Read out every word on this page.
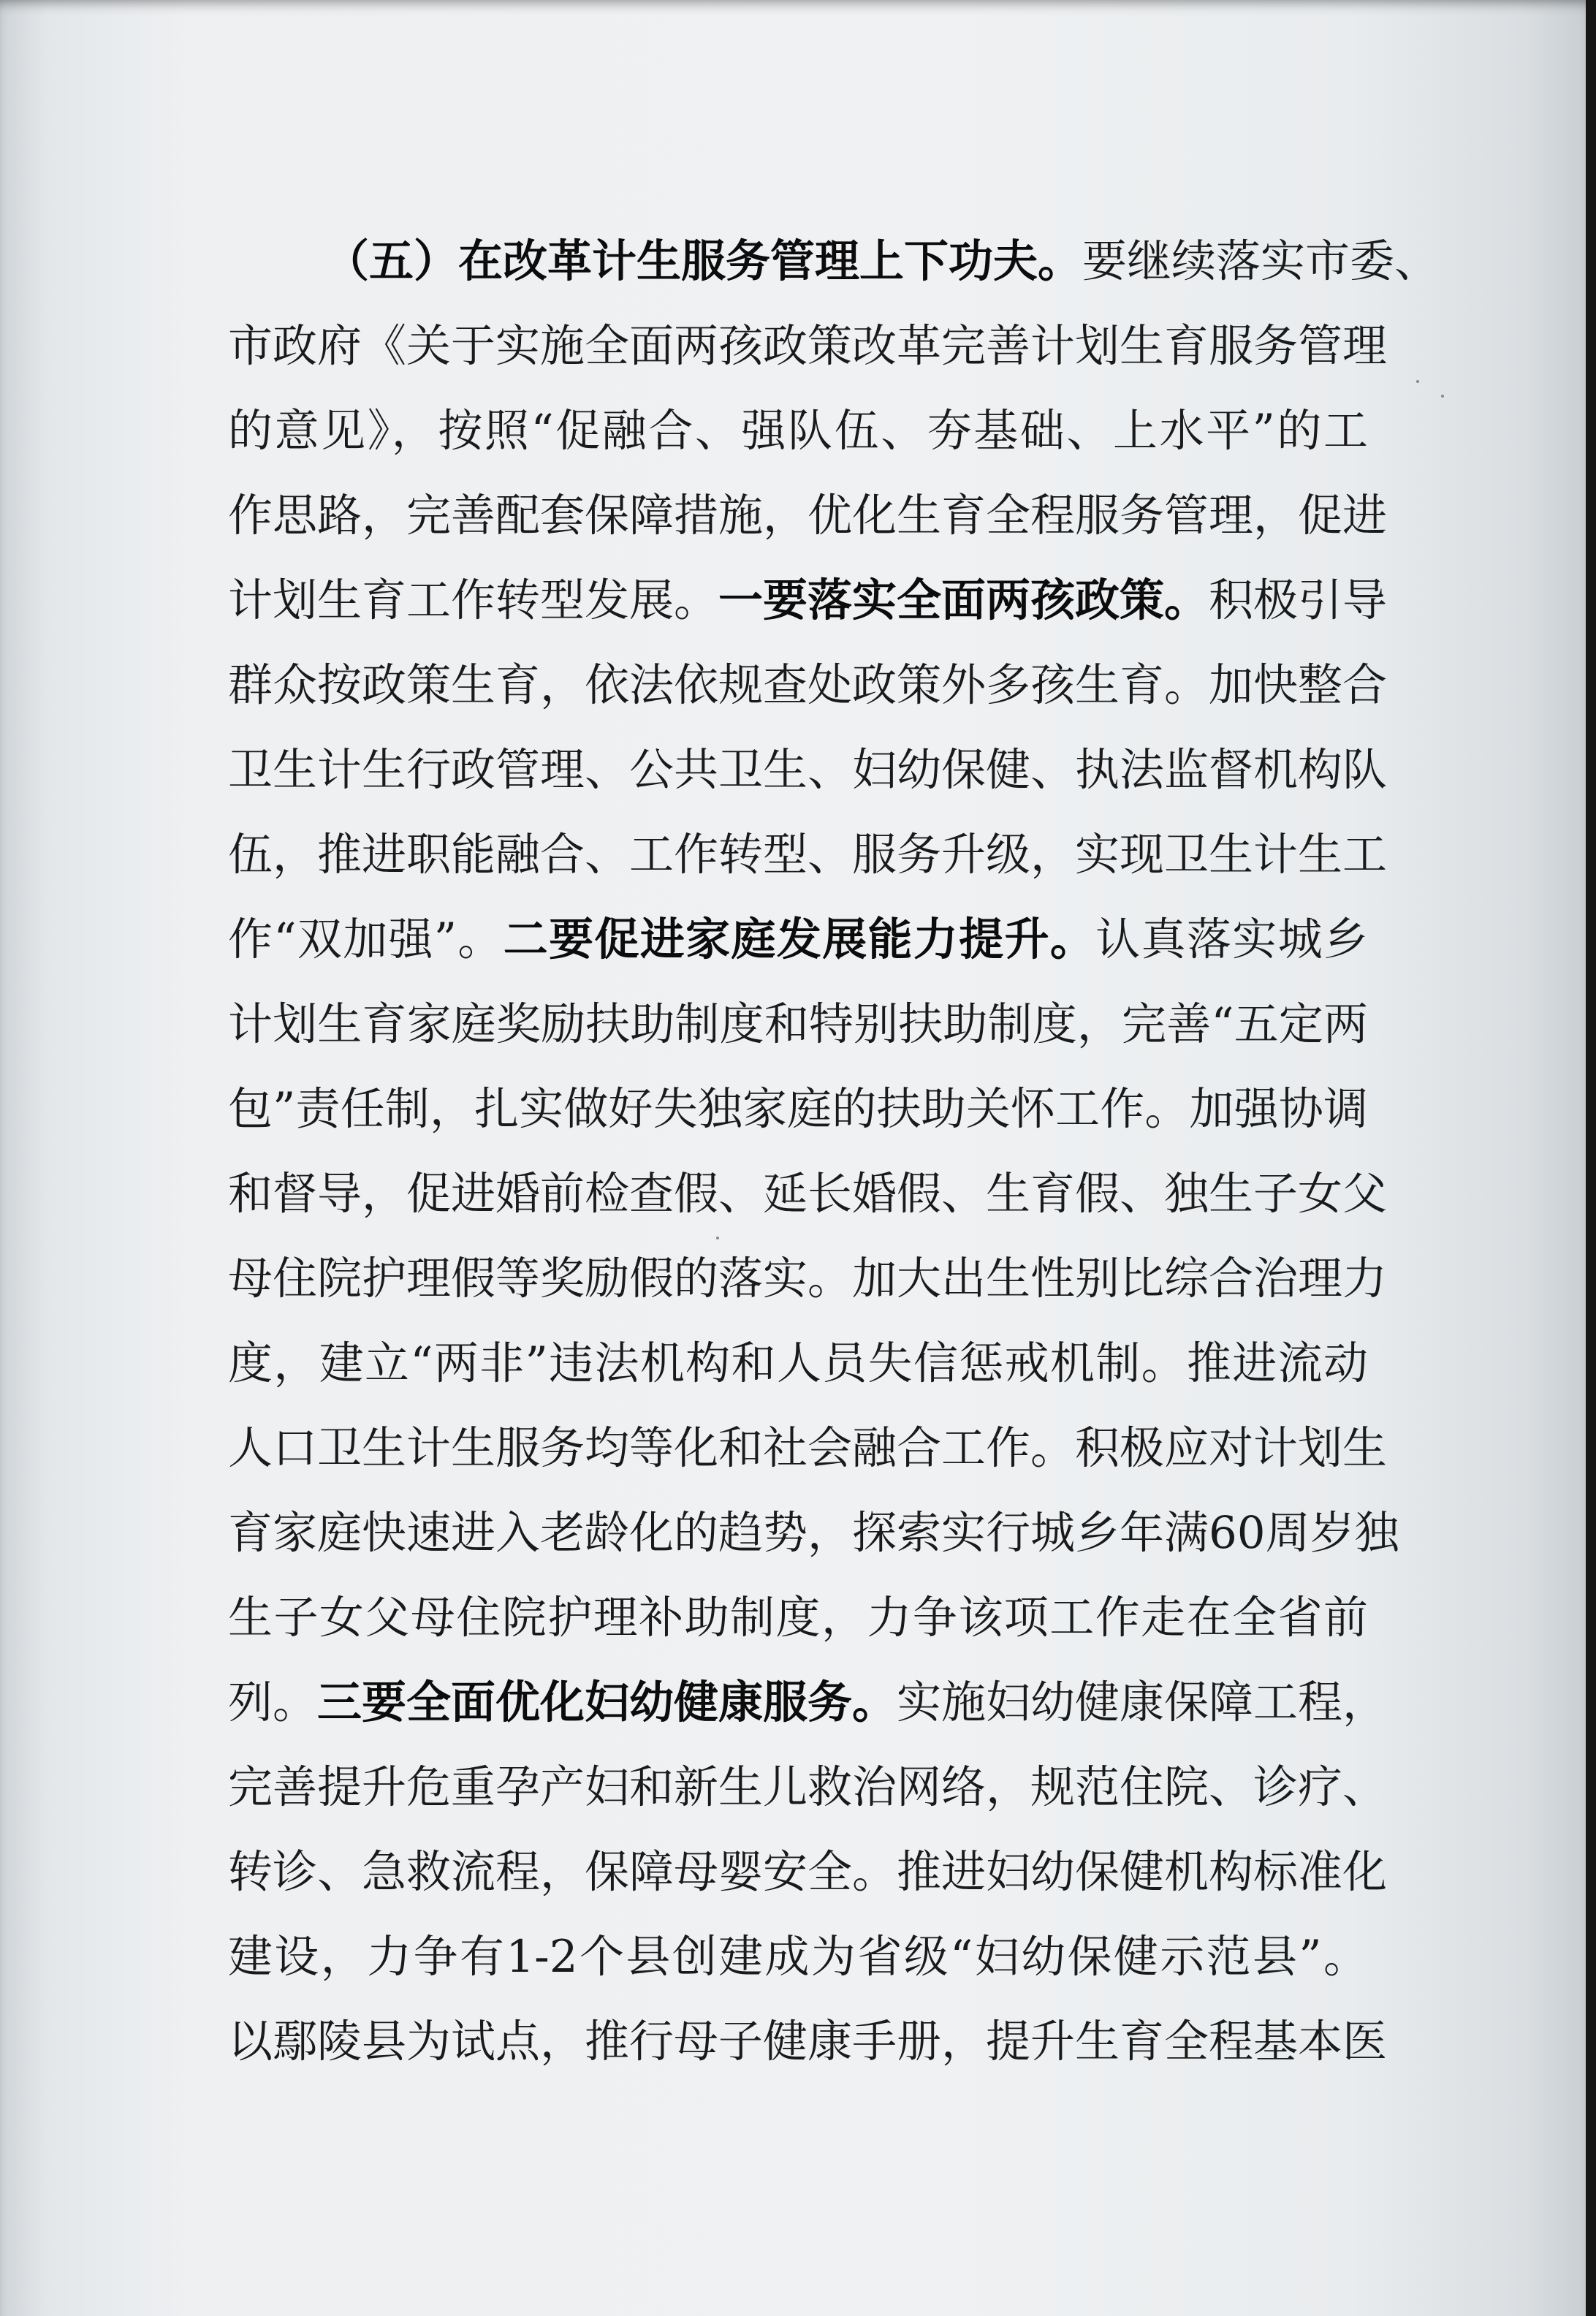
（五）在改革计生服务管理上下功夫。要继续落实市委、
市政府《关于实施全面两孩政策改革完善计划生育服务管理
的意见》，按照“促融合、强队伍、夯基础、上水平”的工
作思路，完善配套保障措施，优化生育全程服务管理，促进
计划生育工作转型发展。一要落实全面两孩政策。积极引导
群众按政策生育，依法依规查处政策外多孩生育。加快整合
卫生计生行政管理、公共卫生、妇幼保健、执法监督机构队
伍，推进职能融合、工作转型、服务升级，实现卫生计生工
作“双加强”。二要促进家庭发展能力提升。认真落实城乡
计划生育家庭奖励扶助制度和特别扶助制度，完善“五定两
包”责任制，扎实做好失独家庭的扶助关怀工作。加强协调
和督导，促进婚前检查假、延长婚假、生育假、独生子女父
母住院护理假等奖励假的落实。加大出生性别比综合治理力
度，建立“两非”违法机构和人员失信惩戒机制。推进流动
人口卫生计生服务均等化和社会融合工作。积极应对计划生
育家庭快速进入老龄化的趋势，探索实行城乡年满60周岁独
生子女父母住院护理补助制度，力争该项工作走在全省前
列。三要全面优化妇幼健康服务。实施妇幼健康保障工程，
完善提升危重孕产妇和新生儿救治网络，规范住院、诊疗、
转诊、急救流程，保障母婴安全。推进妇幼保健机构标准化
建设，力争有1-2个县创建成为省级“妇幼保健示范县”。
以鄢陵县为试点，推行母子健康手册，提升生育全程基本医
